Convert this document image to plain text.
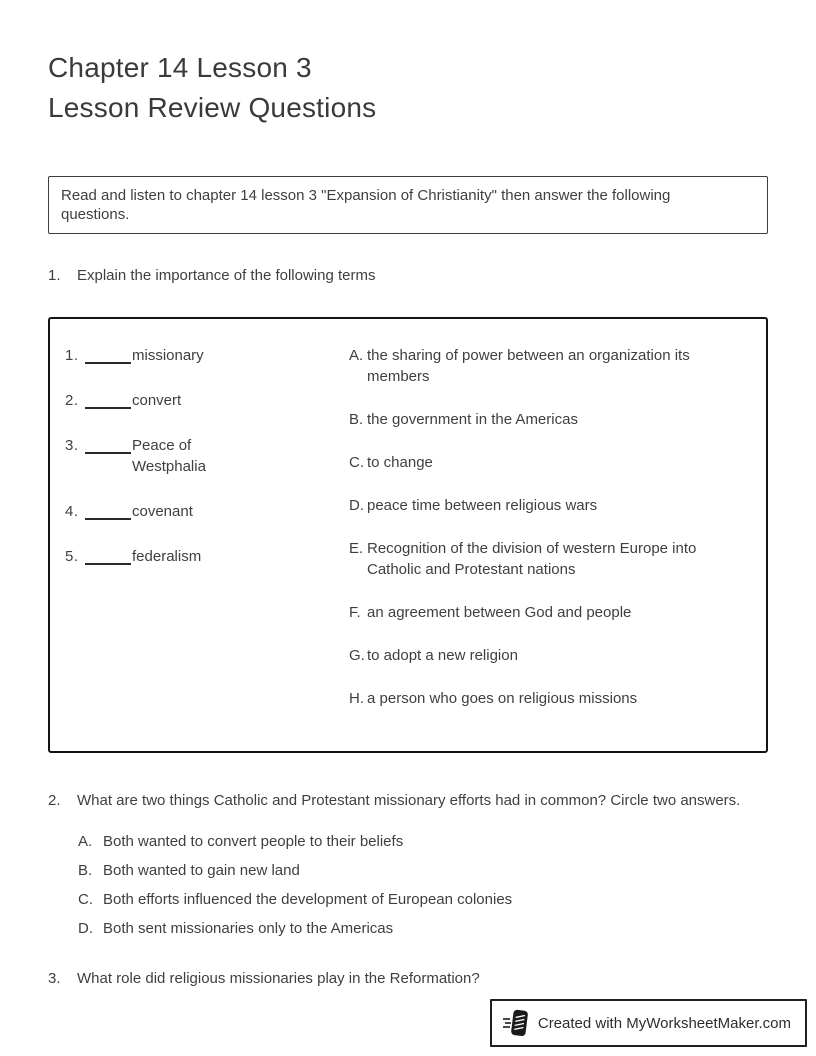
Chapter 14 Lesson 3
Lesson Review Questions
Read and listen to chapter 14 lesson 3 "Expansion of Christianity" then answer the following questions.
1.	Explain the importance of the following terms
1.	missionary
2.	convert
3.	Peace of Westphalia
4.	covenant
5.	federalism
A. the sharing of power between an organization its members
B. the government in the Americas
C. to change
D. peace time between religious wars
E. Recognition of the division of western Europe into Catholic and Protestant nations
F. an agreement between God and people
G. to adopt a new religion
H. a person who goes on religious missions
2.	What are two things Catholic and Protestant missionary efforts had in common? Circle two answers.
A. Both wanted to convert people to their beliefs
B. Both wanted to gain new land
C. Both efforts influenced the development of European colonies
D. Both sent missionaries only to the Americas
3.	What role did religious missionaries play in the Reformation?
Created with MyWorksheetMaker.com
